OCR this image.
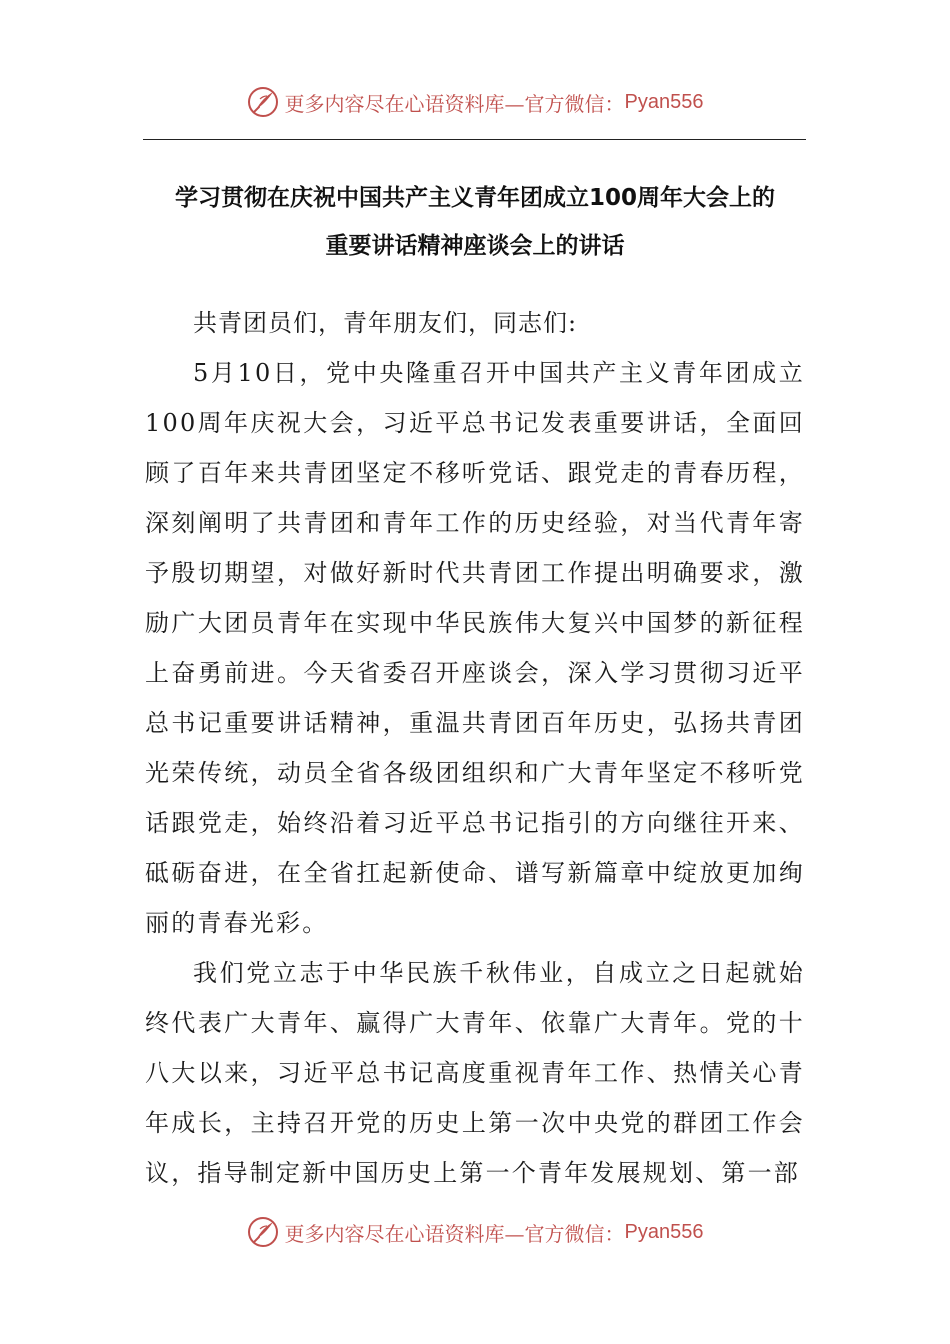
更多内容尽在心语资料库—官方微信： Pyan556
学习贯彻在庆祝中国共产主义青年团成立100周年大会上的
重要讲话精神座谈会上的讲话

共青团员们，青年朋友们，同志们:

5月10日，党中央隆重召开中国共产主义青年团成立100周年庆祝大会，习近平总书记发表重要讲话，全面回顾了百年来共青团坚定不移听党话、跟党走的青春历程，深刻阐明了共青团和青年工作的历史经验，对当代青年寄予殷切期望，对做好新时代共青团工作提出明确要求，激励广大团员青年在实现中华民族伟大复兴中国梦的新征程上奋勇前进。今天省委召开座谈会，深入学习贯彻习近平总书记重要讲话精神，重温共青团百年历史，弘扬共青团光荣传统，动员全省各级团组织和广大青年坚定不移听党话跟党走，始终沿着习近平总书记指引的方向继往开来、砥砺奋进，在全省扛起新使命、谱写新篇章中绽放更加绚丽的青春光彩。

我们党立志于中华民族千秋伟业，自成立之日起就始终代表广大青年、赢得广大青年、依靠广大青年。党的十八大以来，习近平总书记高度重视青年工作、热情关心青年成长，主持召开党的历史上第一次中央党的群团工作会议，指导制定新中国历史上第一个青年发展规划、第一部

更多内容尽在心语资料库—官方微信： Pyan556
